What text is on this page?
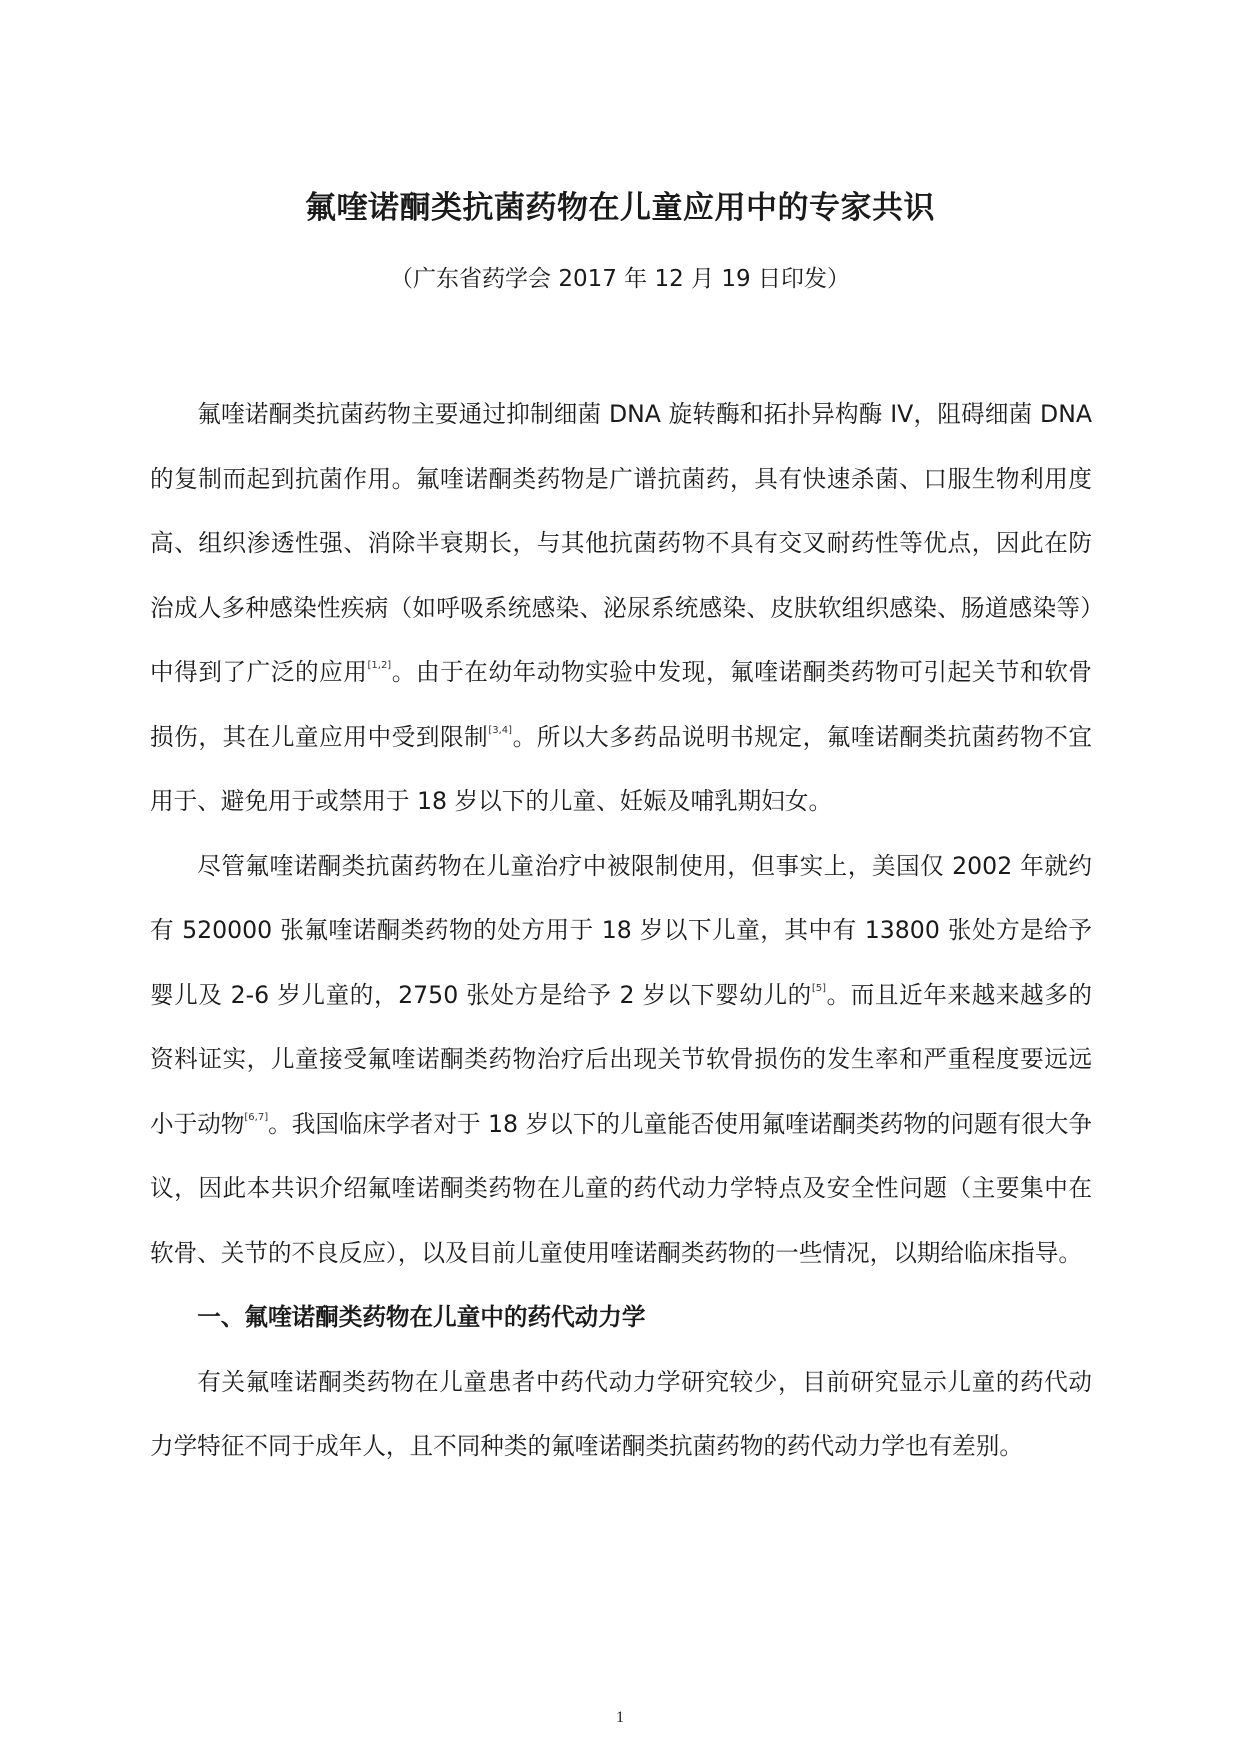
氟喹诺酮类抗菌药物在儿童应用中的专家共识
（广东省药学会 2017 年 12 月 19 日印发）

氟喹诺酮类抗菌药物主要通过抑制细菌 DNA 旋转酶和拓扑异构酶 IV，阻碍细菌 DNA 的复制而起到抗菌作用。氟喹诺酮类药物是广谱抗菌药，具有快速杀菌、口服生物利用度高、组织渗透性强、消除半衰期长，与其他抗菌药物不具有交叉耐药性等优点，因此在防治成人多种感染性疾病（如呼吸系统感染、泌尿系统感染、皮肤软组织感染、肠道感染等）中得到了广泛的应用[1,2]。由于在幼年动物实验中发现，氟喹诺酮类药物可引起关节和软骨损伤，其在儿童应用中受到限制[3,4]。所以大多药品说明书规定，氟喹诺酮类抗菌药物不宜用于、避免用于或禁用于 18 岁以下的儿童、妊娠及哺乳期妇女。

尽管氟喹诺酮类抗菌药物在儿童治疗中被限制使用，但事实上，美国仅 2002 年就约有 520000 张氟喹诺酮类药物的处方用于 18 岁以下儿童，其中有 13800 张处方是给予婴儿及 2-6 岁儿童的，2750 张处方是给予 2 岁以下婴幼儿的[5]。而且近年来越来越多的资料证实，儿童接受氟喹诺酮类药物治疗后出现关节软骨损伤的发生率和严重程度要远远小于动物[6,7]。我国临床学者对于 18 岁以下的儿童能否使用氟喹诺酮类药物的问题有很大争议，因此本共识介绍氟喹诺酮类药物在儿童的药代动力学特点及安全性问题（主要集中在软骨、关节的不良反应），以及目前儿童使用喹诺酮类药物的一些情况，以期给临床指导。

一、氟喹诺酮类药物在儿童中的药代动力学

有关氟喹诺酮类药物在儿童患者中药代动力学研究较少，目前研究显示儿童的药代动力学特征不同于成年人，且不同种类的氟喹诺酮类抗菌药物的药代动力学也有差别。

1
